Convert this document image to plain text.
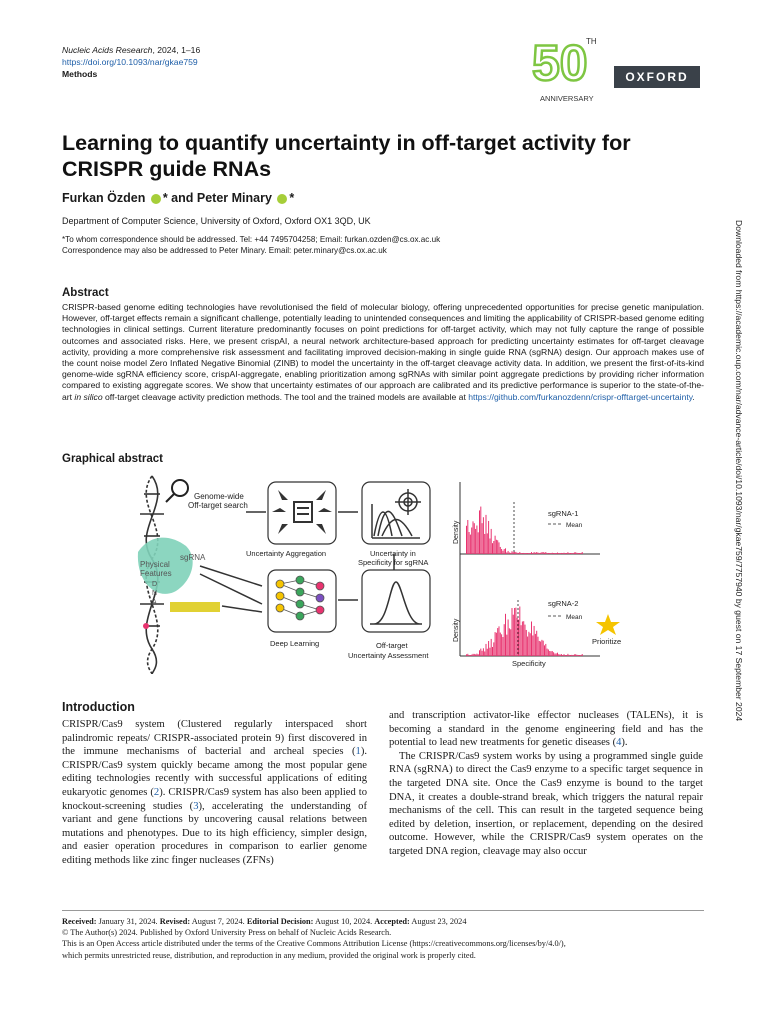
Nucleic Acids Research, 2024, 1–16
https://doi.org/10.1093/nar/gkae759
Methods	50
TH
ANNIVERSARY
OXFORD
Learning to quantify uncertainty in off-target activity for CRISPR guide RNAs
Furkan Özden * and Peter Minary *
Department of Computer Science, University of Oxford, Oxford OX1 3QD, UK
*To whom correspondence should be addressed. Tel: +44 7495704258; Email: furkan.ozden@cs.ox.ac.uk
Correspondence may also be addressed to Peter Minary. Email: peter.minary@cs.ox.ac.uk	Downloaded from https://academic.oup.com/nar/advance-article/doi/10.1093/nar/gkae759/7757940 by guest on 17 September 2024
Abstract
CRISPR-based genome editing technologies have revolutionised the field of molecular biology, offering unprecedented opportunities for precise genetic manipulation. However, off-target effects remain a significant challenge, potentially leading to unintended consequences and limiting the applicability of CRISPR-based genome editing technologies in clinical settings. Current literature predominantly focuses on point predictions for off-target activity, which may not fully capture the range of possible outcomes and associated risks. Here, we present crispAI, a neural network architecture-based approach for predicting uncertainty estimates for off-target cleavage activity, providing a more comprehensive risk assessment and facilitating improved decision-making in single guide RNA (sgRNA) design. Our approach makes use of the count noise model Zero Inflated Negative Binomial (ZINB) to model the uncertainty in the off-target cleavage activity data. In addition, we present the first-of-its-kind genome-wide sgRNA efficiency score, crispAI-aggregate, enabling prioritization among sgRNAs with similar point aggregate predictions by providing richer information compared to existing aggregate scores. We show that uncertainty estimates of our approach are calibrated and its predictive performance is superior to the state-of-the-art in silico off-target cleavage activity prediction methods. The tool and the trained models are available at https://github.com/furkanozdenn/crispr-offtarget-uncertainty.
Graphical abstract
Physical
Features
sgRNA
D
N
A
Genome-wide
Off-target search
Uncertainty Aggregation	Uncertainty in
Specificity for sgRNA
Deep Learning	Off-target
Uncertainty Assessment
Density
Density
sgRNA-1
Mean
sgRNA-2
Mean
Prioritize
Specificity
Introduction

CRISPR/Cas9 system (Clustered regularly interspaced short palindromic repeats/ CRISPR-associated protein 9) first discovered in the immune mechanisms of bacterial and archeal species (1). CRISPR/Cas9 system quickly became among the most popular gene editing technologies recently with successful applications of editing eukaryotic genomes (2). CRISPR/Cas9 system has also been applied to knockout-screening studies (3), accelerating the understanding of variant and gene functions by uncovering causal relations between mutations and phenotypes. Due to its high efficiency, simpler design, and easier operation procedures in comparison to earlier genome editing methods like zinc finger nucleases (ZFNs)

and transcription activator-like effector nucleases (TALENs), it is becoming a standard in the genome engineering field and has the potential to lead new treatments for genetic diseases (4).

The CRISPR/Cas9 system works by using a programmed single guide RNA (sgRNA) to direct the Cas9 enzyme to a specific target sequence in the targeted DNA site. Once the Cas9 enzyme is bound to the target DNA, it creates a double-strand break, which triggers the natural repair mechanisms of the cell. This can result in the targeted sequence being edited by deletion, insertion, or replacement, depending on the desired outcome. However, while the CRISPR/Cas9 system operates on the targeted DNA region, cleavage may also occur

Received: January 31, 2024. Revised: August 7, 2024. Editorial Decision: August 10, 2024. Accepted: August 23, 2024
© The Author(s) 2024. Published by Oxford University Press on behalf of Nucleic Acids Research.
This is an Open Access article distributed under the terms of the Creative Commons Attribution License (https://creativecommons.org/licenses/by/4.0/),
which permits unrestricted reuse, distribution, and reproduction in any medium, provided the original work is properly cited.
